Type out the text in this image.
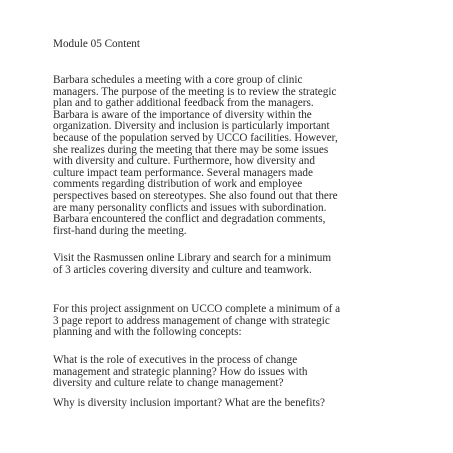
Module 05 Content

Barbara schedules a meeting with a core group of clinic
managers. The purpose of the meeting is to review the strategic
plan and to gather additional feedback from the managers.
Barbara is aware of the importance of diversity within the
organization. Diversity and inclusion is particularly important
because of the population served by UCCO facilities. However,
she realizes during the meeting that there may be some issues
with diversity and culture. Furthermore, how diversity and
culture impact team performance. Several managers made
comments regarding distribution of work and employee
perspectives based on stereotypes. She also found out that there
are many personality conflicts and issues with subordination.
Barbara encountered the conflict and degradation comments,
first-hand during the meeting.

Visit the Rasmussen online Library and search for a minimum
of 3 articles covering diversity and culture and teamwork.

For this project assignment on UCCO complete a minimum of a
3 page report to address management of change with strategic
planning and with the following concepts:

What is the role of executives in the process of change
management and strategic planning? How do issues with
diversity and culture relate to change management?

Why is diversity inclusion important? What are the benefits?
